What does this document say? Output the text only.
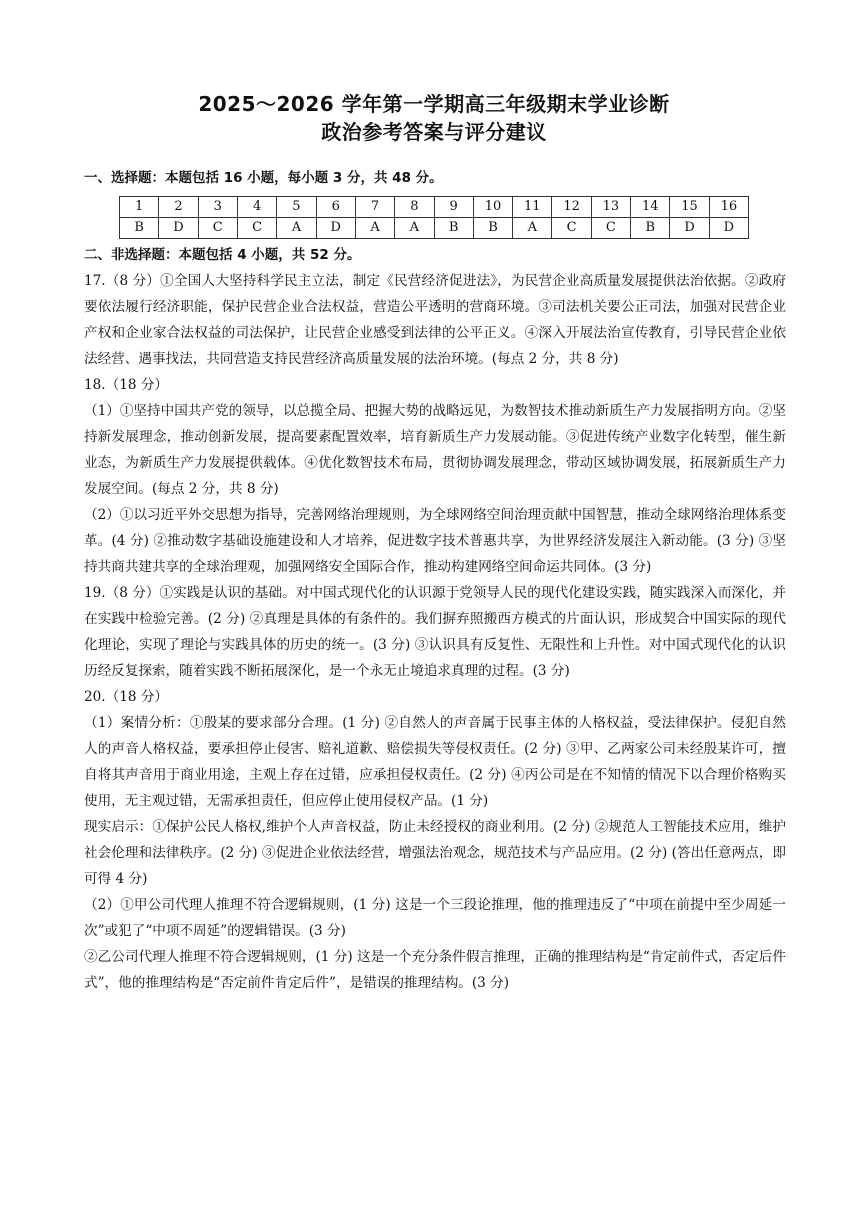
2025～2026 学年第一学期高三年级期末学业诊断
政治参考答案与评分建议
一、选择题：本题包括 16 小题，每小题 3 分，共 48 分。
1	2	3	4	5	6	7	8	9	10	11	12	13	14	15	16
B	D	C	C	A	D	A	A	B	B	A	C	C	B	D	D
二、非选择题：本题包括 4 小题，共 52 分。

17.（8 分）①全国人大坚持科学民主立法，制定《民营经济促进法》，为民营企业高质量发展提供法治依据。②政府要依法履行经济职能，保护民营企业合法权益，营造公平透明的营商环境。③司法机关要公正司法，加强对民营企业产权和企业家合法权益的司法保护，让民营企业感受到法律的公平正义。④深入开展法治宣传教育，引导民营企业依法经营、遇事找法，共同营造支持民营经济高质量发展的法治环境。(每点 2 分，共 8 分)

18.（18 分）

（1）①坚持中国共产党的领导，以总揽全局、把握大势的战略远见，为数智技术推动新质生产力发展指明方向。②坚持新发展理念，推动创新发展，提高要素配置效率，培育新质生产力发展动能。③促进传统产业数字化转型，催生新业态，为新质生产力发展提供载体。④优化数智技术布局，贯彻协调发展理念，带动区域协调发展，拓展新质生产力发展空间。(每点 2 分，共 8 分)

（2）①以习近平外交思想为指导，完善网络治理规则，为全球网络空间治理贡献中国智慧，推动全球网络治理体系变革。(4 分) ②推动数字基础设施建设和人才培养，促进数字技术普惠共享，为世界经济发展注入新动能。(3 分) ③坚持共商共建共享的全球治理观，加强网络安全国际合作，推动构建网络空间命运共同体。(3 分)

19.（8 分）①实践是认识的基础。对中国式现代化的认识源于党领导人民的现代化建设实践，随实践深入而深化，并在实践中检验完善。(2 分) ②真理是具体的有条件的。我们摒弃照搬西方模式的片面认识，形成契合中国实际的现代化理论，实现了理论与实践具体的历史的统一。(3 分) ③认识具有反复性、无限性和上升性。对中国式现代化的认识历经反复探索，随着实践不断拓展深化，是一个永无止境追求真理的过程。(3 分)

20.（18 分）

（1）案情分析：①殷某的要求部分合理。(1 分) ②自然人的声音属于民事主体的人格权益，受法律保护。侵犯自然人的声音人格权益，要承担停止侵害、赔礼道歉、赔偿损失等侵权责任。(2 分) ③甲、乙两家公司未经殷某许可，擅自将其声音用于商业用途，主观上存在过错，应承担侵权责任。(2 分) ④丙公司是在不知情的情况下以合理价格购买使用，无主观过错，无需承担责任，但应停止使用侵权产品。(1 分)

现实启示：①保护公民人格权,维护个人声音权益，防止未经授权的商业利用。(2 分) ②规范人工智能技术应用，维护社会伦理和法律秩序。(2 分) ③促进企业依法经营，增强法治观念，规范技术与产品应用。(2 分) (答出任意两点，即可得 4 分)

（2）①甲公司代理人推理不符合逻辑规则，(1 分) 这是一个三段论推理，他的推理违反了“中项在前提中至少周延一次”或犯了“中项不周延”的逻辑错误。(3 分)

②乙公司代理人推理不符合逻辑规则，(1 分) 这是一个充分条件假言推理，正确的推理结构是“肯定前件式，否定后件式”，他的推理结构是“否定前件肯定后件”，是错误的推理结构。(3 分)
